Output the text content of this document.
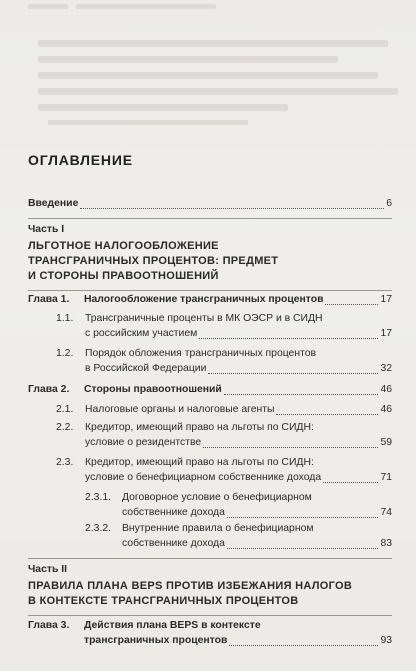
ОГЛАВЛЕНИЕ
Введение	6
Часть I
ЛЬГОТНОЕ НАЛОГООБЛОЖЕНИЕ
ТРАНСГРАНИЧНЫХ ПРОЦЕНТОВ: ПРЕДМЕТ
И СТОРОНЫ ПРАВООТНОШЕНИЙ
Глава 1.	Налогообложение трансграничных процентов	17
1.1. Трансграничные проценты в МК ОЭСР и в СИДН
с российским участием	17
1.2. Порядок обложения трансграничных процентов
в Российской Федерации	32
Глава 2.	Стороны правоотношений	46
2.1. Налоговые органы и налоговые агенты	46
2.2. Кредитор, имеющий право на льготы по СИДН:
условие о резидентстве	59
2.3. Кредитор, имеющий право на льготы по СИДН:
условие о бенефициарном собственнике дохода	71
2.3.1. Договорное условие о бенефициарном
собственнике дохода	74
2.3.2. Внутренние правила о бенефициарном
собственнике дохода	83
Часть II
ПРАВИЛА ПЛАНА BEPS ПРОТИВ ИЗБЕЖАНИЯ НАЛОГОВ
В КОНТЕКСТЕ ТРАНСГРАНИЧНЫХ ПРОЦЕНТОВ
Глава 3. Действия плана BEPS в контексте
трансграничных процентов	93
